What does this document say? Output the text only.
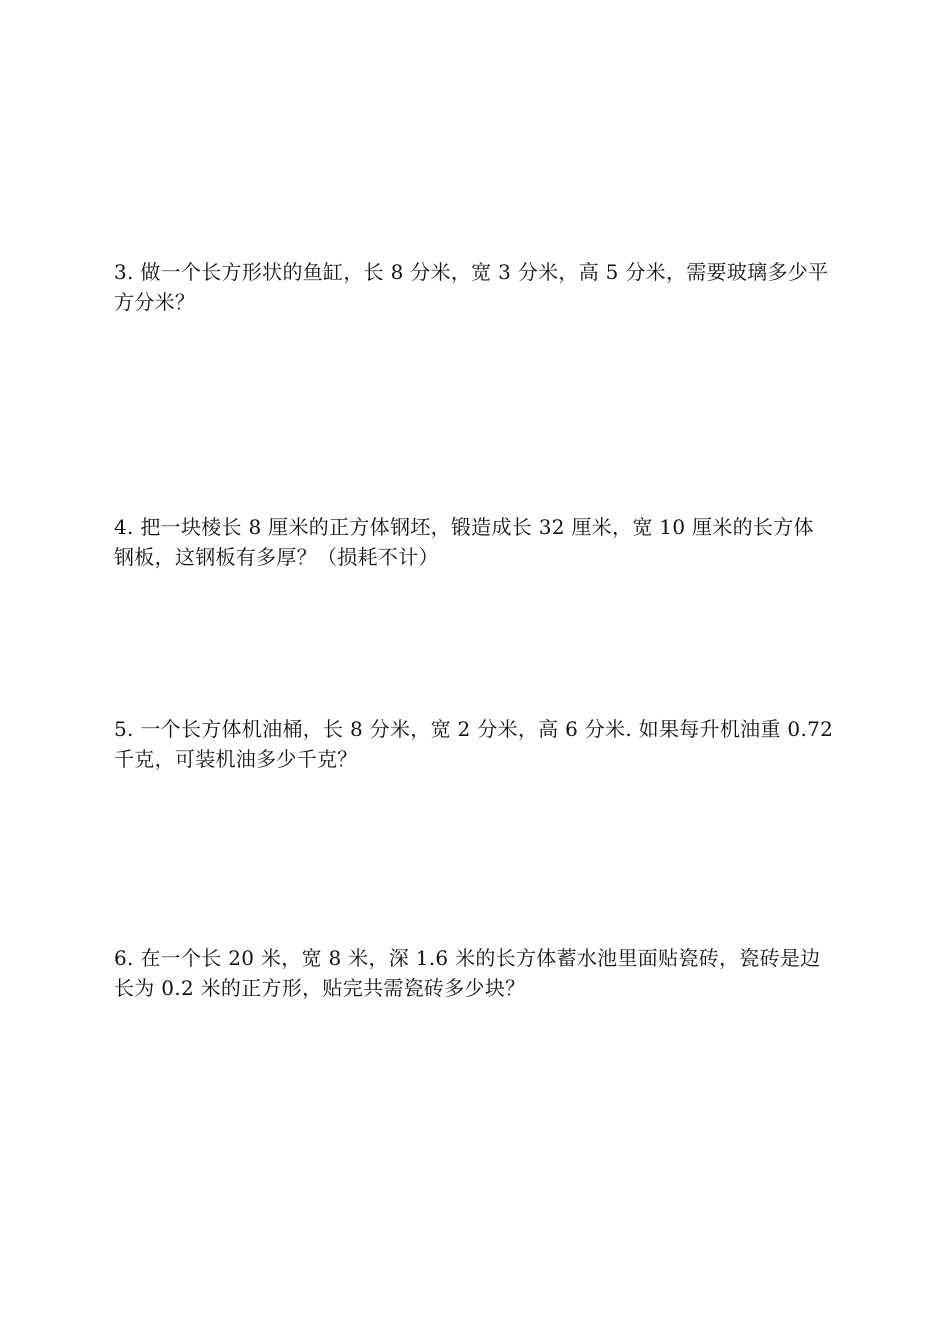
3. 做一个长方形状的鱼缸，长 8 分米，宽 3 分米，高 5 分米，需要玻璃多少平
方分米？
4. 把一块棱长 8 厘米的正方体钢坯，锻造成长 32 厘米，宽 10 厘米的长方体
钢板，这钢板有多厚？（损耗不计）
5. 一个长方体机油桶，长 8 分米，宽 2 分米，高 6 分米. 如果每升机油重 0.72
千克，可装机油多少千克？
6. 在一个长 20 米，宽 8 米，深 1.6 米的长方体蓄水池里面贴瓷砖，瓷砖是边
长为 0.2 米的正方形，贴完共需瓷砖多少块？
